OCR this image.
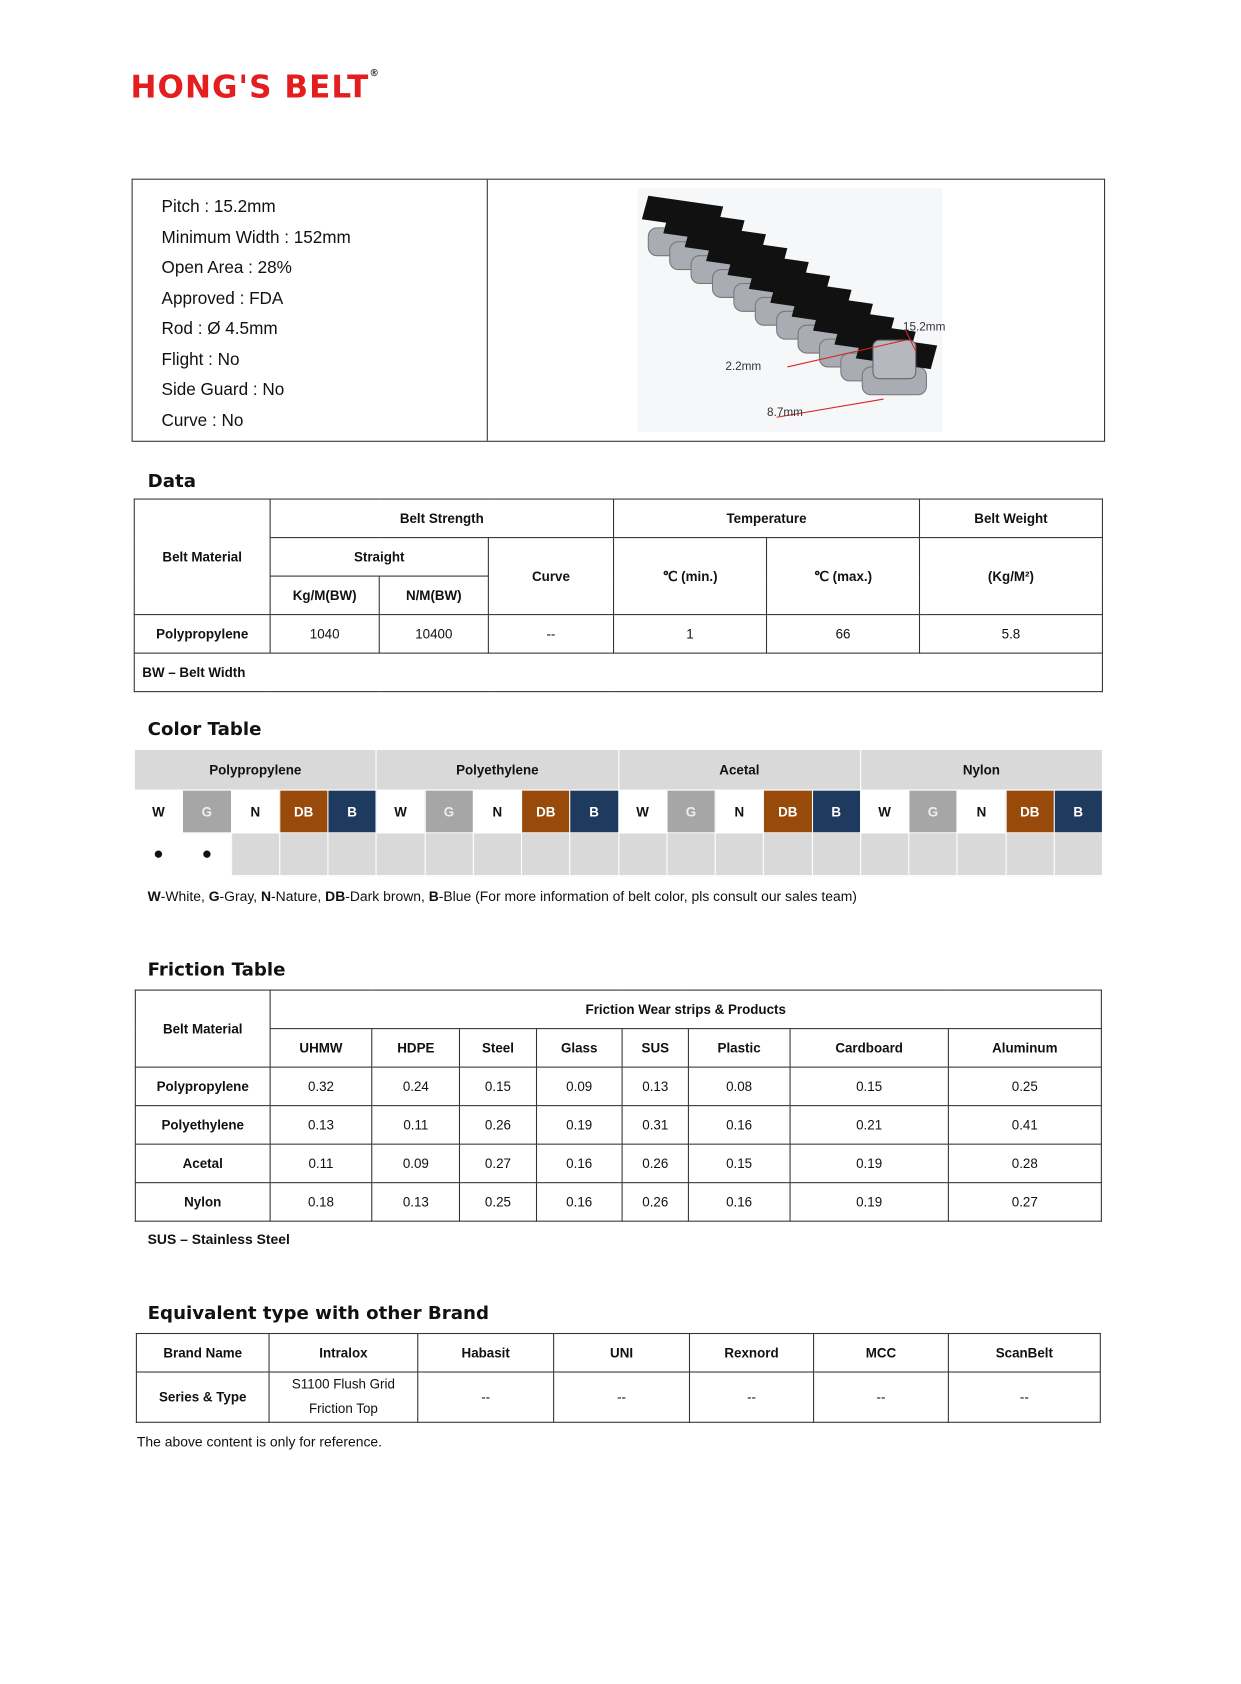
HONG'S BELT®
Pitch : 15.2mm
Minimum Width : 152mm
Open Area : 28%
Approved : FDA
Rod : Ø 4.5mm
Flight : No
Side Guard : No
Curve : No
15.2mm
2.2mm
8.7mm
Data
Belt Material	Belt Strength			Temperature		Belt Weight
	Straight		Curve	℃ (min.)	℃ (max.)	(Kg/M²)
	Kg/M(BW)	N/M(BW)				
Polypropylene	1040	10400	--	1	66	5.8
BW – Belt Width						
Color Table
Polypropylene					Polyethylene					Acetal					Nylon				
W	G	N	DB	B	W	G	N	DB	B	W	G	N	DB	B	W	G	N	DB	B
●	●																		
W-White, G-Gray, N-Nature, DB-Dark brown, B-Blue (For more information of belt color, pls consult our sales team)
Friction Table
Belt Material	Friction Wear strips & Products							
	UHMW	HDPE	Steel	Glass	SUS	Plastic	Cardboard	Aluminum
Polypropylene	0.32	0.24	0.15	0.09	0.13	0.08	0.15	0.25
Polyethylene	0.13	0.11	0.26	0.19	0.31	0.16	0.21	0.41
Acetal	0.11	0.09	0.27	0.16	0.26	0.15	0.19	0.28
Nylon	0.18	0.13	0.25	0.16	0.26	0.16	0.19	0.27
SUS – Stainless Steel
Equivalent type with other Brand
Brand Name	Intralox	Habasit	UNI	Rexnord	MCC	ScanBelt
Series & Type	S1100 Flush Grid
Friction Top	--	--	--	--	--
The above content is only for reference.
